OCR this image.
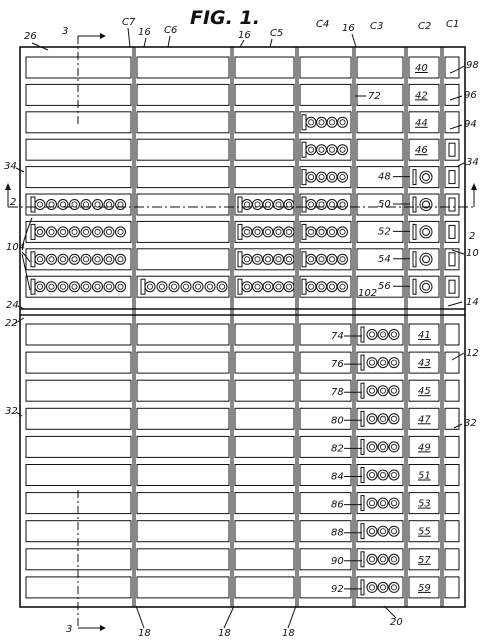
FIG. 1.
C7
C6	C5
C4	C3	C2 C1
26	3	16	16
16
98
96
94
34	34
2
2
10
104
102
72
24
22
14
12
32
32
3	18	18	18
20
40
42
44
46
48
50
52
54
56
74
76
78
80
82
84
86
88
90
92
41
43
45
47
49
51
53
55
57
59
